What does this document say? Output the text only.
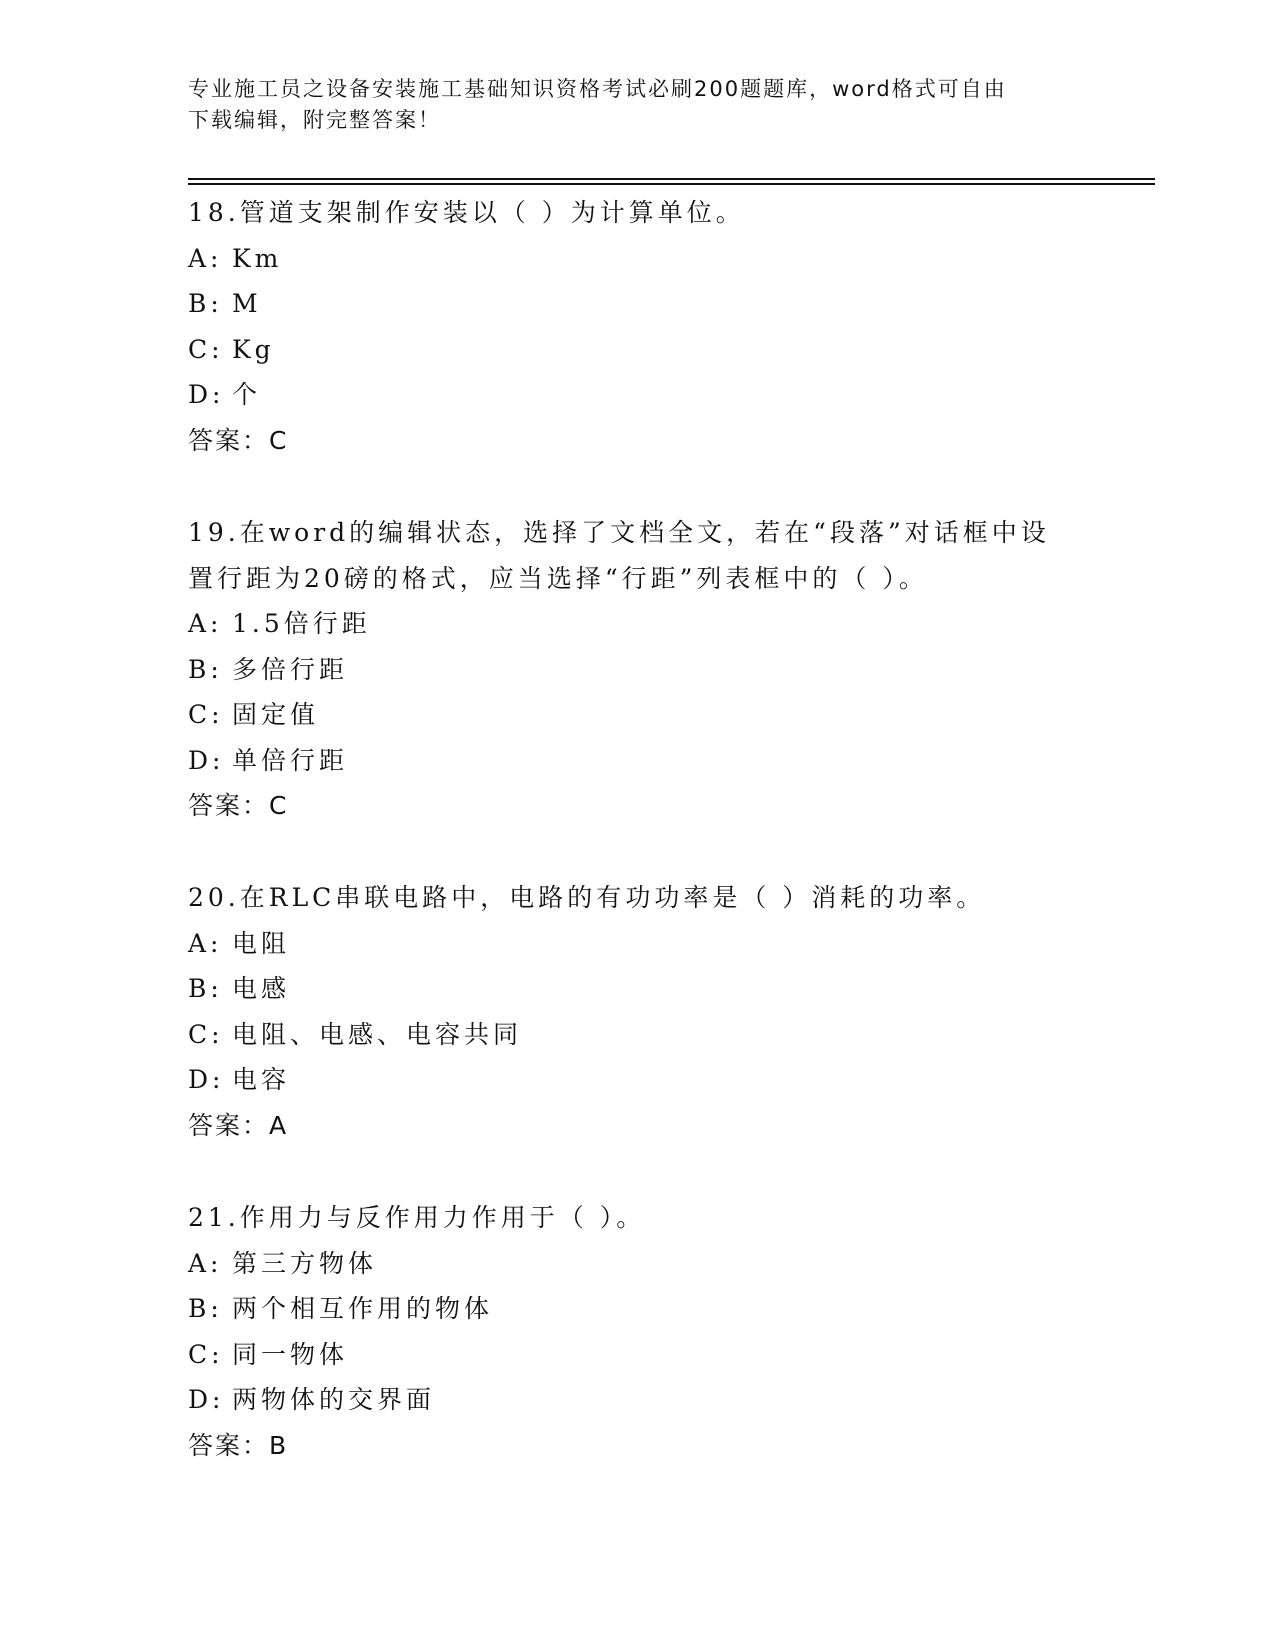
专业施工员之设备安装施工基础知识资格考试必刷200题题库，word格式可自由
下载编辑，附完整答案！
18.管道支架制作安装以（ ）为计算单位。
A: Km
B: M
C: Kg
D: 个
答案：C
19.在word的编辑状态，选择了文档全文，若在“段落”对话框中设置行距为20磅的格式，应当选择“行距”列表框中的（ ）。
A: 1.5倍行距
B: 多倍行距
C: 固定值
D: 单倍行距
答案：C
20.在RLC串联电路中，电路的有功功率是（ ）消耗的功率。
A: 电阻
B: 电感
C: 电阻、电感、电容共同
D: 电容
答案：A
21.作用力与反作用力作用于（ ）。
A: 第三方物体
B: 两个相互作用的物体
C: 同一物体
D: 两物体的交界面
答案：B
